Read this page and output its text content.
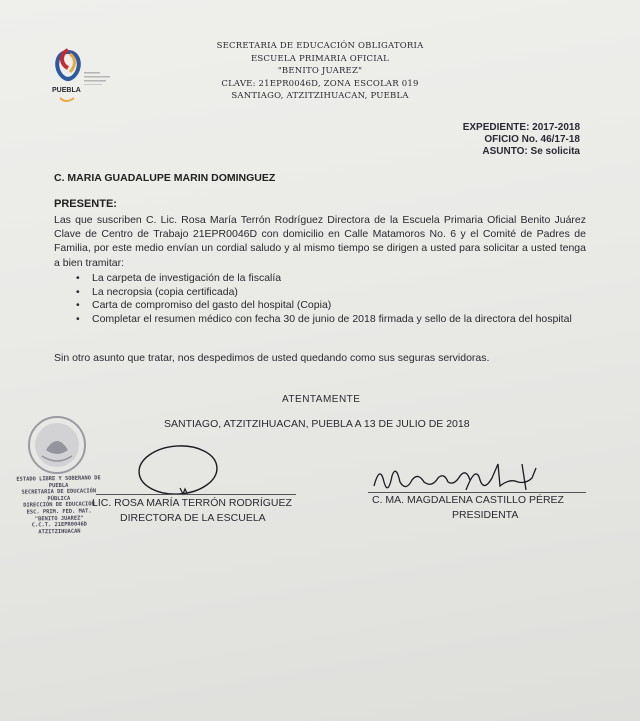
PUEBLA
SECRETARIA DE EDUCACIÓN OBLIGATORIA
ESCUELA PRIMARIA OFICIAL
"BENITO JUAREZ"
CLAVE: 21EPR0046D, ZONA ESCOLAR 019
SANTIAGO, ATZITZIHUACAN, PUEBLA
EXPEDIENTE: 2017-2018
OFICIO No. 46/17-18
ASUNTO: Se solicita
C. MARIA GUADALUPE MARIN DOMINGUEZ
PRESENTE:
Las que suscriben C. Lic. Rosa María Terrón Rodríguez Directora de la Escuela Primaria Oficial Benito Juárez Clave de Centro de Trabajo 21EPR0046D con domicilio en Calle Matamoros No. 6 y el Comité de Padres de Familia, por este medio envían un cordial saludo y al mismo tiempo se dirigen a usted para solicitar a usted tenga a bien tramitar:
• La carpeta de investigación de la fiscalía
• La necropsia (copia certificada)
• Carta de compromiso del gasto del hospital (Copia)
• Completar el resumen médico con fecha 30 de junio de 2018 firmada y sello de la directora del hospital
Sin otro asunto que tratar, nos despedimos de usted quedando como sus seguras servidoras.
ATENTAMENTE
SANTIAGO, ATZITZIHUACAN, PUEBLA A 13 DE JULIO DE 2018
ESTADO LIBRE Y SOBERANO DE PUEBLA
SECRETARIA DE EDUCACIÓN PÚBLICA
DIRECCIÓN DE EDUCACIÓN
ESC. PRIM. FED. MAT.
"BENITO JUAREZ"
C.C.T. 21EPR0046D
ATZITZIHUACAN
LIC. ROSA MARÍA TERRÓN RODRÍGUEZ
DIRECTORA DE LA ESCUELA
C. MA. MAGDALENA CASTILLO PÉREZ
PRESIDENTA
